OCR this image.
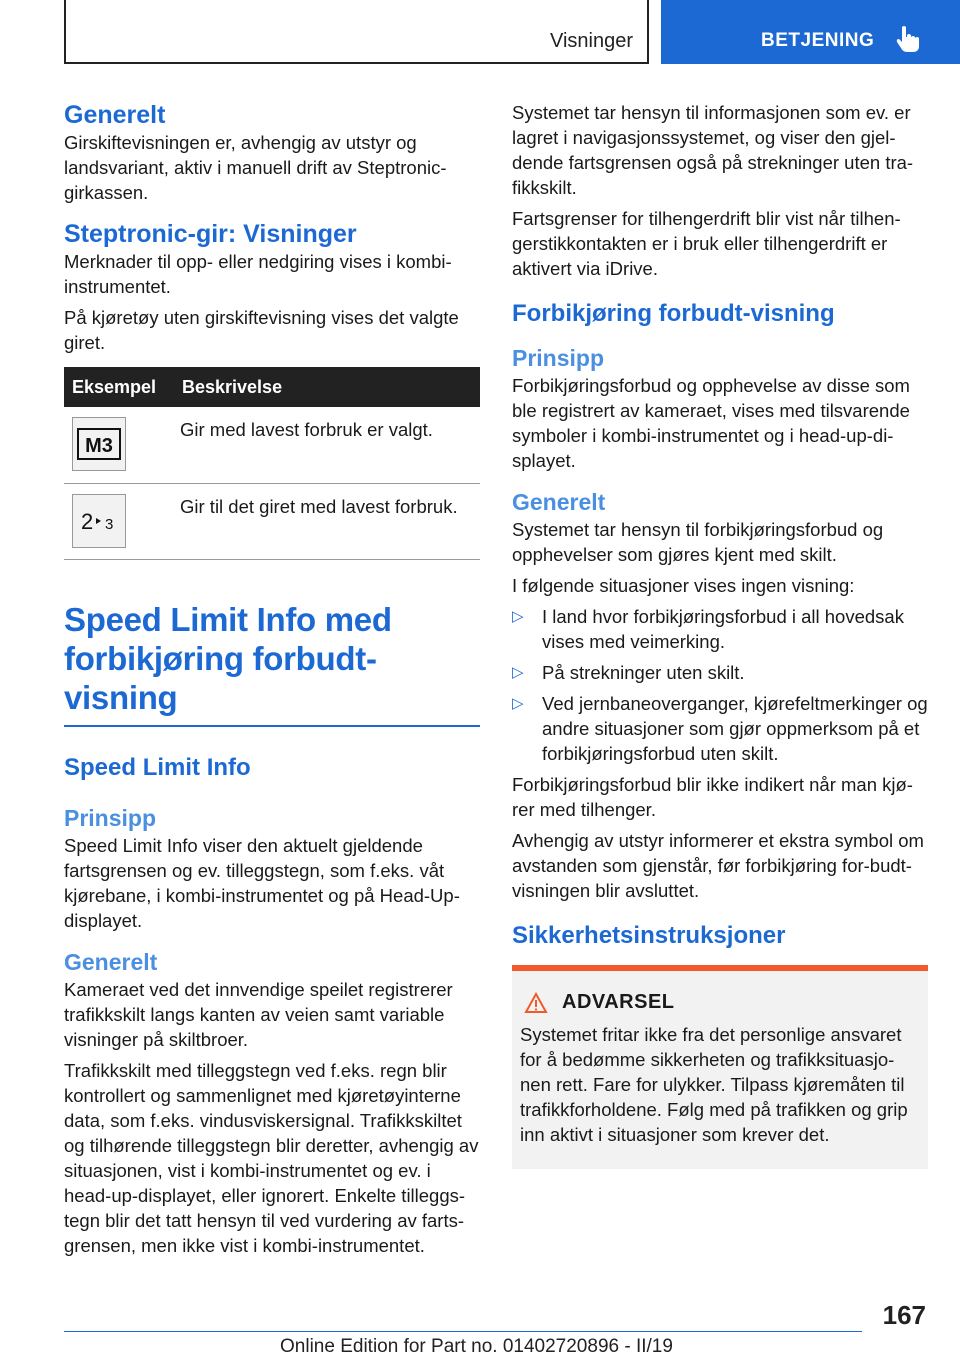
Visninger	BETJENING
Generelt

Girskiftevisningen er, avhengig av utstyr og landsvariant, aktiv i manuell drift av Steptronic-girkassen.

Steptronic-gir: Visninger

Merknader til opp- eller nedgiring vises i kombi-instrumentet.

På kjøretøy uten girskiftevisning vises det valgte giret.

Eksempel	Beskrivelse

M3	Gir med lavest forbruk er valgt.

2 3	Gir til det giret med lavest forbruk.
Speed Limit Info med forbikjøring forbudt-visning
Speed Limit Info
Prinsipp

Speed Limit Info viser den aktuelt gjeldende fartsgrensen og ev. tilleggstegn, som f.eks. våt kjørebane, i kombi-instrumentet og på Head-Up-displayet.

Generelt

Kameraet ved det innvendige speilet registrerer trafikkskilt langs kanten av veien samt variable visninger på skiltbroer.

Trafikkskilt med tilleggstegn ved f.eks. regn blir kontrollert og sammenlignet med kjøretøyinterne data, som f.eks. vindusviskersignal. Trafikkskiltet og tilhørende tilleggstegn blir deretter, avhengig av situasjonen, vist i kombi-instrumentet og ev. i head-up-displayet, eller ignorert. Enkelte tilleggs-tegn blir det tatt hensyn til ved vurdering av farts-grensen, men ikke vist i kombi-instrumentet.

Systemet tar hensyn til informasjonen som ev. er lagret i navigasjonssystemet, og viser den gjel-dende fartsgrensen også på strekninger uten tra-fikkskilt.

Fartsgrenser for tilhengerdrift blir vist når tilhen-gerstikkontakten er i bruk eller tilhengerdrift er aktivert via iDrive.

Forbikjøring forbudt-visning
Prinsipp

Forbikjøringsforbud og opphevelse av disse som ble registrert av kameraet, vises med tilsvarende symboler i kombi-instrumentet og i head-up-di-splayet.

Generelt

Systemet tar hensyn til forbikjøringsforbud og opphevelser som gjøres kjent med skilt.

I følgende situasjoner vises ingen visning:

▷ I land hvor forbikjøringsforbud i all hovedsak vises med veimerking.
▷ På strekninger uten skilt.
▷ Ved jernbaneoverganger, kjørefeltmerkinger og andre situasjoner som gjør oppmerksom på et forbikjøringsforbud uten skilt.

Forbikjøringsforbud blir ikke indikert når man kjø-rer med tilhenger.

Avhengig av utstyr informerer et ekstra symbol om avstanden som gjenstår, før forbikjøring for-budt-visningen blir avsluttet.

Sikkerhetsinstruksjoner
ADVARSEL

Systemet fritar ikke fra det personlige ansvaret for å bedømme sikkerheten og trafikksituasjo-nen rett. Fare for ulykker. Tilpass kjøremåten til trafikkforholdene. Følg med på trafikken og grip inn aktivt i situasjoner som krever det.

167
Online Edition for Part no. 01402720896 - II/19
